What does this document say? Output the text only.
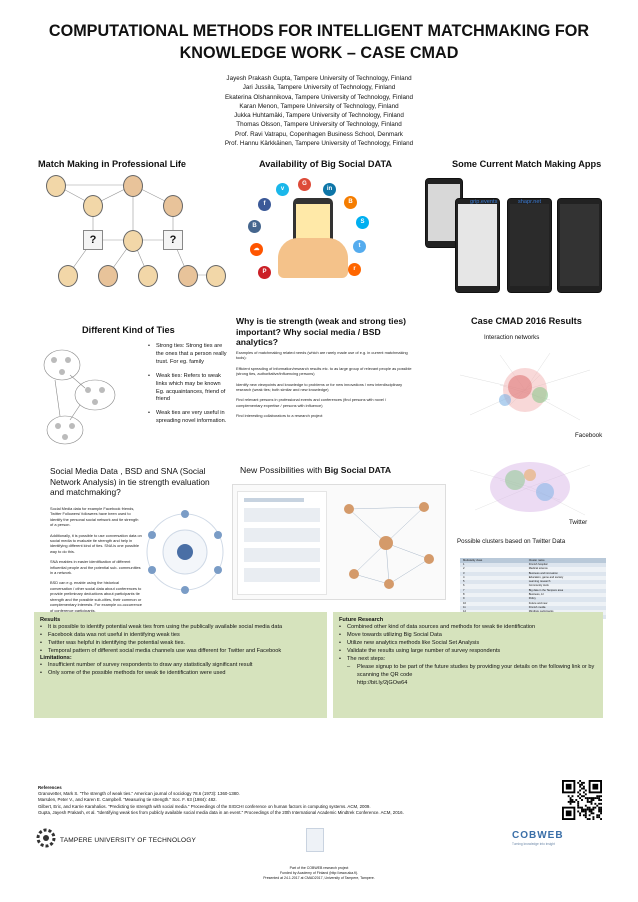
COMPUTATIONAL METHODS FOR INTELLIGENT MATCHMAKING FOR
KNOWLEDGE WORK – CASE CMAD
Jayesh Prakash Gupta, Tampere University of Technology, Finland
Jari Jussila, Tampere University of Technology, Finland
Ekaterina Olshannikova, Tampere University of Technology, Finland
Karan Menon, Tampere University of Technology, Finland
Jukka Huhtamäki, Tampere University of Technology, Finland
Thomas Olsson, Tampere University of Technology, Finland
Prof. Ravi Vatrapu, Copenhagen Business School, Denmark
Prof. Hannu Kärkkäinen, Tampere University of Technology, Finland
Match Making in Professional Life	Availability of Big Social DATA	Some Current Match Making Apps
?	?
f
v
G
in
B
S
B
☁
P
t
r
grip.events	shapr.net
Different Kind of Ties
• Strong ties: Strong ties are the ones that a person really trust. For eg. family
• Weak ties: Refers to weak links which may be known Eg. acquaintances, friend of friend
• Weak ties are very useful in spreading novel information.
Why is tie strength (weak and strong ties) important? Why social media / BSD analytics?

Examples of matchmaking related needs (which are rarely made use of e.g. in current matchmaking tools):

Efficient spreading of information/research results etc. to as large group of relevant people as possible (strong ties, authoritative/influencing persons)

Identify new viewpoints and knowledge to problems or for new innovations / new interdisciplinary research (weak ties; both similar and new knowledge)

Find relevant persons in professional events and conferences (find persons with novel / complementary expertise / persons with influence)

Find interesting collaborators to a research project

Case CMAD 2016 Results
Interaction networks
Facebook
Twitter
Possible clusters based on Twitter Data
Modularity class	Cluster name
1	Finnish hospital
2	Medical science
3	Business and innovation
4	Education, game and society
5	Learning research
6	Community tools
7	Big data in the Tampere area
8	Business, AI
9	Policy
10	Future and new
11	Finnish media
Social Media Data , BSD and SNA (Social Network Analysis) in tie strength evaluation and matchmaking?

Social Media data for example Facebook friends, Twitter Followers/ followees have been used to identify the personal social network and tie strength of a person.

Additionally, it is possible to use conversation data on social media to evaluate tie strength and help in identifying different kind of ties. SNA is one possible way to do this.

SNA enables in easier identification of different influential people and the potential sub- communities in a network.

BSD can e.g. enable using the historical conversation / other social data about conferences to provide preliminary deductions about participants tie strength and the possible sub-cities, their common or complementary interests. For example co-occurrence of conference participants.

New Possibilities with Big Social DATA
Results
• It is possible to identify potential weak ties from using the publically available social media data
• Facebook data was not useful in identifying weak ties
• Twitter was helpful in identifying the potential weak ties.
• Temporal pattern of different social media channels use was different for Twitter and Facebook
Limitations:
• Insufficient number of survey respondents to draw any statistically significant result
• Only some of the possible methods for weak tie identification were used
Future Research
• Combined other kind of data sources and methods for weak tie identification
• Move towards utilizing Big Social Data
• Utilize new analytics methods like Social Set Analysis
• Validate the results using large number of survey respondents
• The next steps:
– Please signup to be part of the future studies by providing your details on the following link or by scanning the QR code
http://bit.ly/2jGOw64
References
Granovetter, Mark S. "The strength of weak ties." American journal of sociology 78.6 (1973): 1360-1380.
Marsden, Peter V., and Karen E. Campbell. "Measuring tie strength." Soc. F. 63 (1984): 482.
Gilbert, Eric, and Karrie Karahalios. "Predicting tie strength with social media." Proceedings of the SIGCHI conference on human factors in computing systems. ACM, 2009.
Gupta, Jayesh Prakash, et al. "Identifying weak ties from publicly available social media data in an event." Proceedings of the 20th International Academic Mindtrek Conference. ACM, 2016.
TAMPERE UNIVERSITY OF TECHNOLOGY	COBWEB
Turning knowledge into insight
Part of the COBWEB research project
Funded by Academy of Finland (http://www.aka.fi).
Presented at 24.1.2017 at CMAD2017, University of Tampere, Tampere.
